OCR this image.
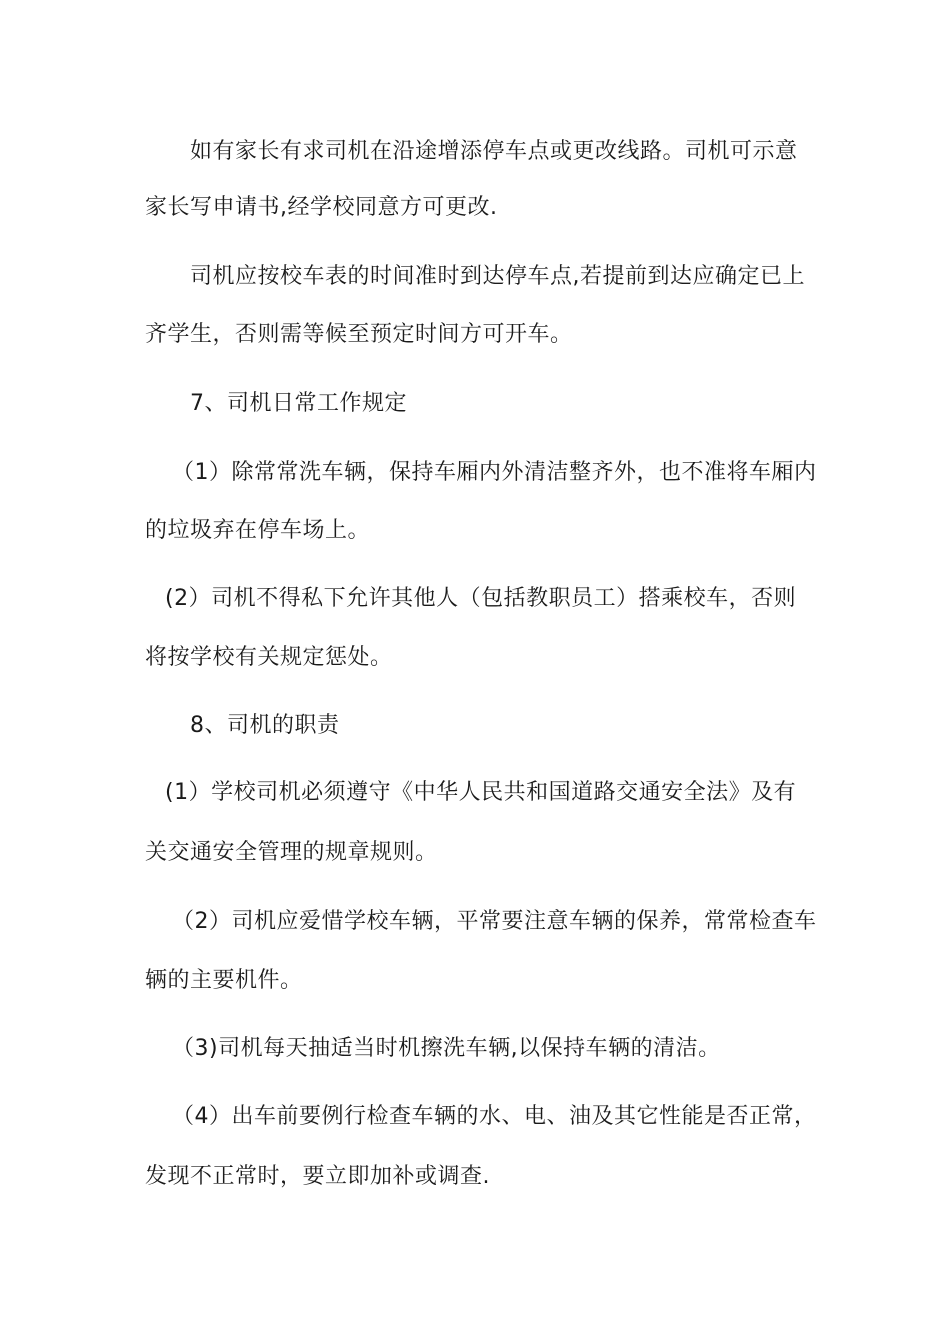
如有家长有求司机在沿途增添停车点或更改线路。司机可示意
家长写申请书,经学校同意方可更改.
司机应按校车表的时间准时到达停车点,若提前到达应确定已上
齐学生，否则需等候至预定时间方可开车。
7、司机日常工作规定
（1）除常常洗车辆，保持车厢内外清洁整齐外，也不准将车厢内
的垃圾弃在停车场上。
(2）司机不得私下允许其他人（包括教职员工）搭乘校车，否则
将按学校有关规定惩处。
8、司机的职责
(1）学校司机必须遵守《中华人民共和国道路交通安全法》及有
关交通安全管理的规章规则。
（2）司机应爱惜学校车辆，平常要注意车辆的保养，常常检查车
辆的主要机件。
（3)司机每天抽适当时机擦洗车辆,以保持车辆的清洁。
（4）出车前要例行检查车辆的水、电、油及其它性能是否正常，
发现不正常时，要立即加补或调查.
